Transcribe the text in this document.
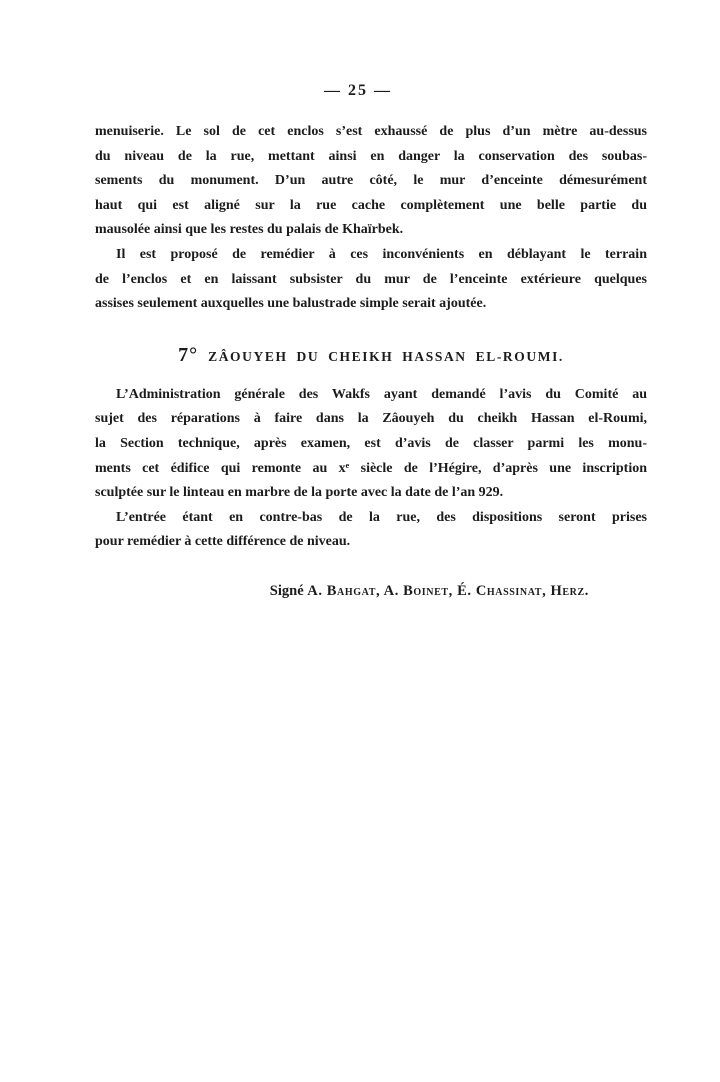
— 25 —
menuiserie. Le sol de cet enclos s’est exhaussé de plus d’un mètre au-dessus
du niveau de la rue, mettant ainsi en danger la conservation des soubas-
sements du monument. D’un autre côté, le mur d’enceinte démesurément
haut qui est aligné sur la rue cache complètement une belle partie du
mausolée ainsi que les restes du palais de Khaïrbek.
Il est proposé de remédier à ces inconvénients en déblayant le terrain
de l’enclos et en laissant subsister du mur de l’enceinte extérieure quelques
assises seulement auxquelles une balustrade simple serait ajoutée.
7° ZÂOUYEH DU CHEIKH HASSAN EL-ROUMI.
L’Administration générale des Wakfs ayant demandé l’avis du Comité au
sujet des réparations à faire dans la Zâouyeh du cheikh Hassan el-Roumi,
la Section technique, après examen, est d’avis de classer parmi les monu-
ments cet édifice qui remonte au xᵉ siècle de l’Hégire, d’après une inscription
sculptée sur le linteau en marbre de la porte avec la date de l’an 929.
L’entrée étant en contre-bas de la rue, des dispositions seront prises
pour remédier à cette différence de niveau.
Signé A. Bahgat, A. Boinet, É. Chassinat, Herz.
